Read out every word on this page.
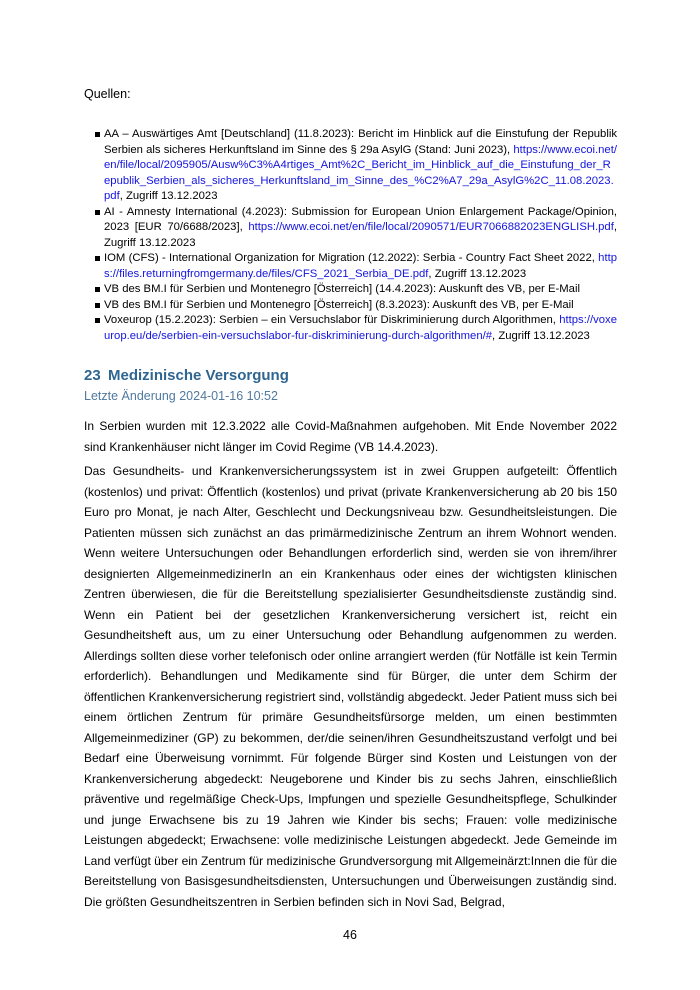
Quellen:

AA – Auswärtiges Amt [Deutschland] (11.8.2023): Bericht im Hinblick auf die Einstufung der Republik Serbien als sicheres Herkunftsland im Sinne des § 29a AsylG (Stand: Juni 2023), https://www.ecoi.net/en/file/local/2095905/Ausw%C3%A4rtiges_Amt%2C_Bericht_im_Hinblick_auf_die_Einstufung_der_Republik_Serbien_als_sicheres_Herkunftsland_im_Sinne_des_%C2%A7_29a_AsylG%2C_11.08.2023.pdf, Zugriff 13.12.2023
AI - Amnesty International (4.2023): Submission for European Union Enlargement Package/Opinion, 2023 [EUR 70/6688/2023], https://www.ecoi.net/en/file/local/2090571/EUR7066882023ENGLISH.pdf, Zugriff 13.12.2023
IOM (CFS) - International Organization for Migration (12.2022): Serbia - Country Fact Sheet 2022, https://files.returningfromgermany.de/files/CFS_2021_Serbia_DE.pdf, Zugriff 13.12.2023
VB des BM.I für Serbien und Montenegro [Österreich] (14.4.2023): Auskunft des VB, per E-Mail
VB des BM.I für Serbien und Montenegro [Österreich] (8.3.2023): Auskunft des VB, per E-Mail
Voxeurop (15.2.2023): Serbien – ein Versuchslabor für Diskriminierung durch Algorithmen, https://voxeurop.eu/de/serbien-ein-versuchslabor-fur-diskriminierung-durch-algorithmen/#, Zugriff 13.12.2023
23 Medizinische Versorgung
Letzte Änderung 2024-01-16 10:52

In Serbien wurden mit 12.3.2022 alle Covid-Maßnahmen aufgehoben. Mit Ende November 2022 sind Krankenhäuser nicht länger im Covid Regime (VB 14.4.2023).

Das Gesundheits- und Krankenversicherungssystem ist in zwei Gruppen aufgeteilt: Öffentlich (kostenlos) und privat: Öffentlich (kostenlos) und privat (private Krankenversicherung ab 20 bis 150 Euro pro Monat, je nach Alter, Geschlecht und Deckungsniveau bzw. Gesundheitsleistungen. Die Patienten müssen sich zunächst an das primärmedizinische Zentrum an ihrem Wohnort wenden. Wenn weitere Untersuchungen oder Behandlungen erforderlich sind, werden sie von ihrem/ihrer designierten AllgemeinmedizinerIn an ein Krankenhaus oder eines der wichtigsten klinischen Zentren überwiesen, die für die Bereitstellung spezialisierter Gesundheitsdienste zuständig sind. Wenn ein Patient bei der gesetzlichen Krankenversicherung versichert ist, reicht ein Gesundheitsheft aus, um zu einer Untersuchung oder Behandlung aufgenommen zu werden. Allerdings sollten diese vorher telefonisch oder online arrangiert werden (für Notfälle ist kein Termin erforderlich). Behandlungen und Medikamente sind für Bürger, die unter dem Schirm der öffentlichen Krankenversicherung registriert sind, vollständig abgedeckt. Jeder Patient muss sich bei einem örtlichen Zentrum für primäre Gesundheitsfürsorge melden, um einen bestimmten Allgemeinmediziner (GP) zu bekommen, der/die seinen/ihren Gesundheitszustand verfolgt und bei Bedarf eine Überweisung vornimmt. Für folgende Bürger sind Kosten und Leistungen von der Krankenversicherung abgedeckt: Neugeborene und Kinder bis zu sechs Jahren, einschließlich präventive und regelmäßige Check-Ups, Impfungen und spezielle Gesundheitspflege, Schulkinder und junge Erwachsene bis zu 19 Jahren wie Kinder bis sechs; Frauen: volle medizinische Leistungen abgedeckt; Erwachsene: volle medizinische Leistungen abgedeckt. Jede Gemeinde im Land verfügt über ein Zentrum für medizinische Grundversorgung mit Allgemeinärzt:Innen die für die Bereitstellung von Basisgesundheitsdiensten, Untersuchungen und Überweisungen zuständig sind. Die größten Gesundheitszentren in Serbien befinden sich in Novi Sad, Belgrad,

46
